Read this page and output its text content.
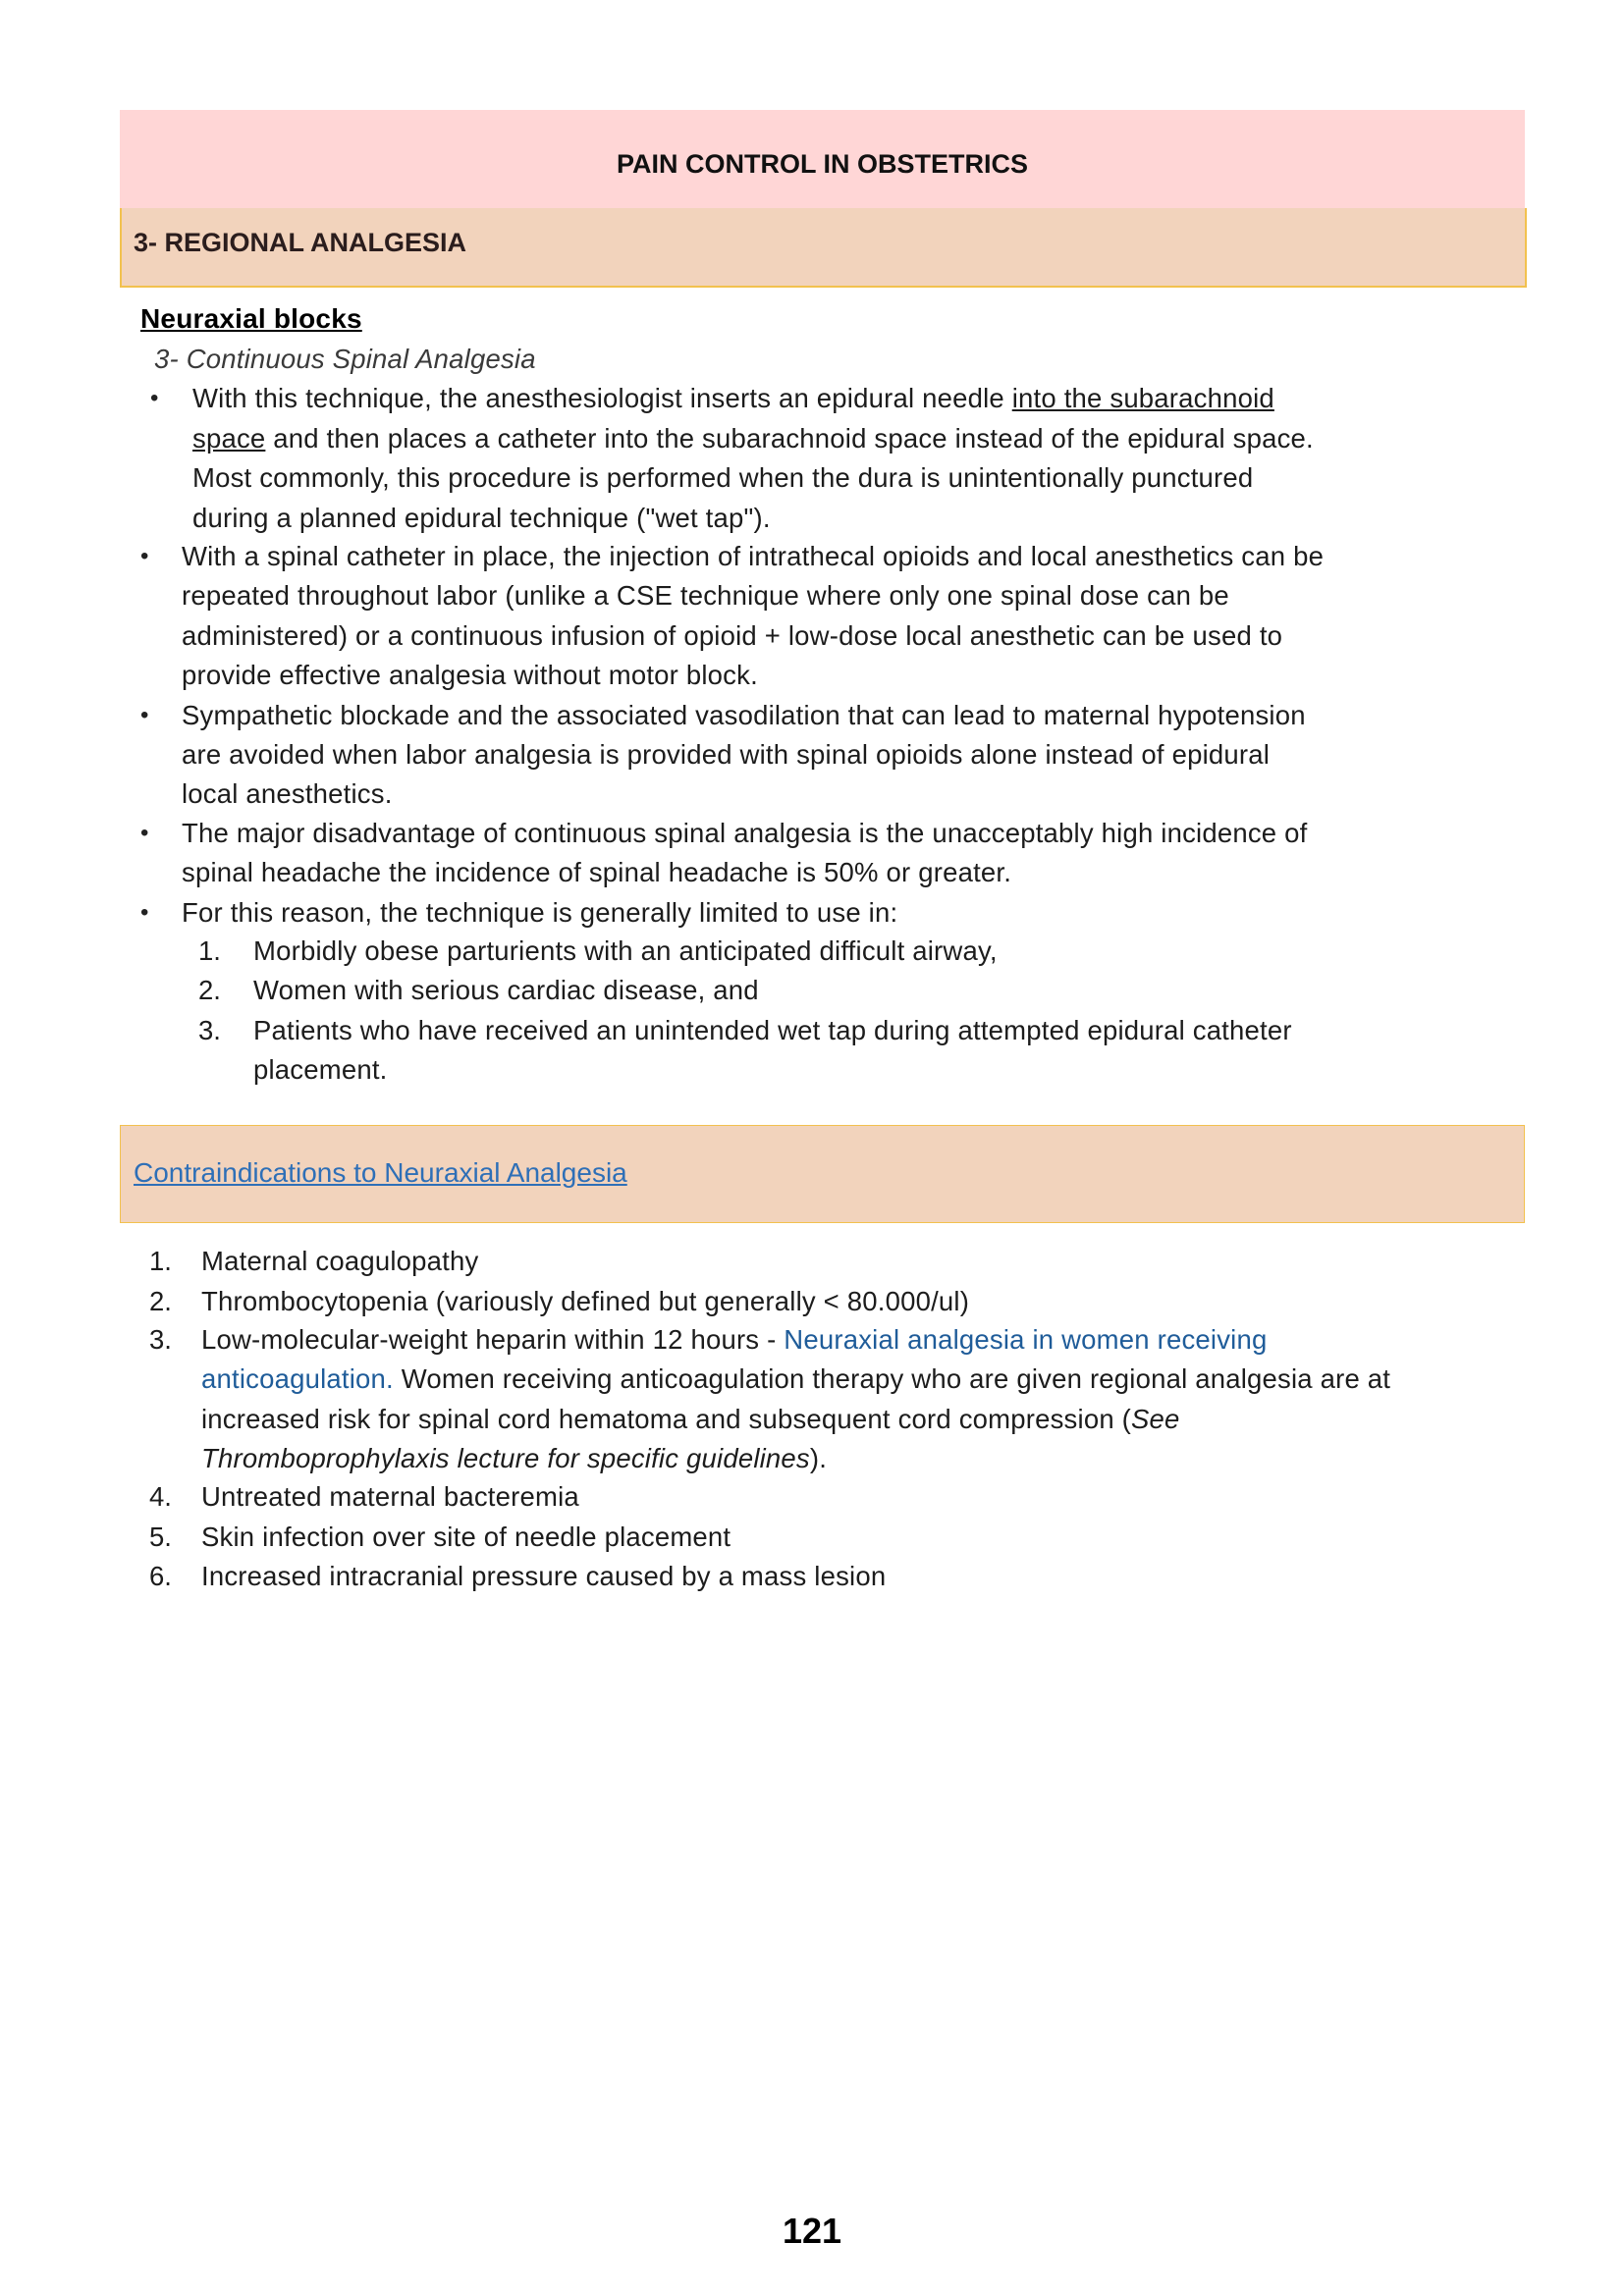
PAIN CONTROL IN OBSTETRICS
3- REGIONAL ANALGESIA
Neuraxial blocks
3- Continuous Spinal Analgesia
• With this technique, the anesthesiologist inserts an epidural needle into the subarachnoid
space and then places a catheter into the subarachnoid space instead of the epidural space.
Most commonly, this procedure is performed when the dura is unintentionally punctured
during a planned epidural technique ("wet tap").
• With a spinal catheter in place, the injection of intrathecal opioids and local anesthetics can be
repeated throughout labor (unlike a CSE technique where only one spinal dose can be
administered) or a continuous infusion of opioid + low-dose local anesthetic can be used to
provide effective analgesia without motor block.
• Sympathetic blockade and the associated vasodilation that can lead to maternal hypotension
are avoided when labor analgesia is provided with spinal opioids alone instead of epidural
local anesthetics.
• The major disadvantage of continuous spinal analgesia is the unacceptably high incidence of
spinal headache the incidence of spinal headache is 50% or greater.
• For this reason, the technique is generally limited to use in:
1. Morbidly obese parturients with an anticipated difficult airway,
2. Women with serious cardiac disease, and
3. Patients who have received an unintended wet tap during attempted epidural catheter
placement.
Contraindications to Neuraxial Analgesia
1. Maternal coagulopathy
2. Thrombocytopenia (variously defined but generally < 80.000/ul)
3. Low-molecular-weight heparin within 12 hours - Neuraxial analgesia in women receiving
anticoagulation. Women receiving anticoagulation therapy who are given regional analgesia are at
increased risk for spinal cord hematoma and subsequent cord compression (See
Thromboprophylaxis lecture for specific guidelines).
4. Untreated maternal bacteremia
5. Skin infection over site of needle placement
6. Increased intracranial pressure caused by a mass lesion
121
